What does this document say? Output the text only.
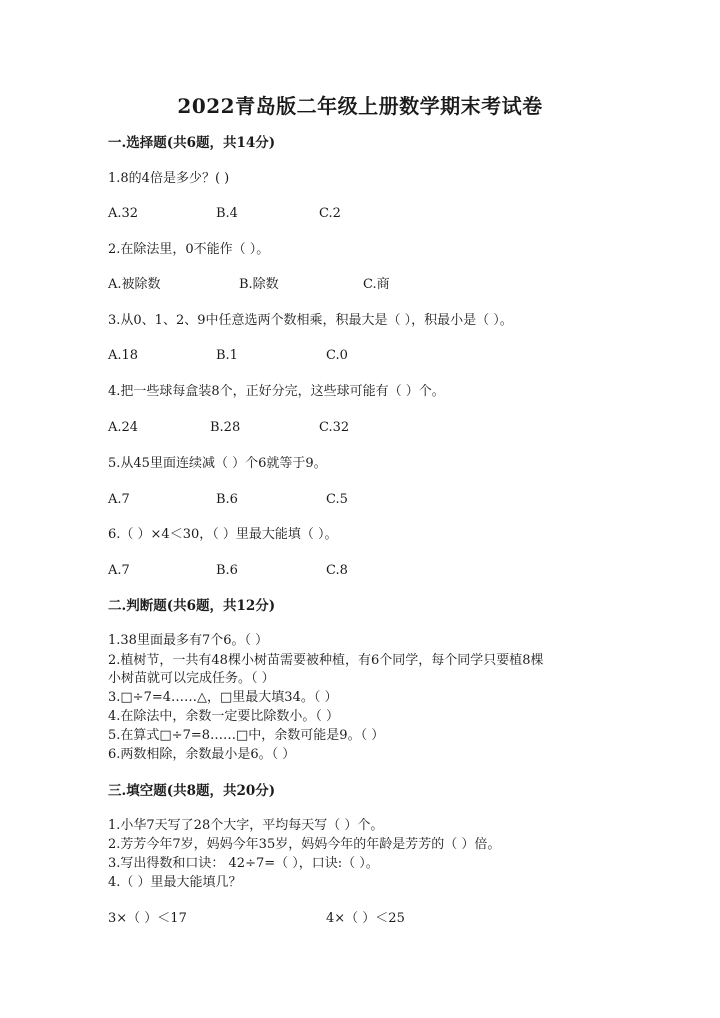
2022青岛版二年级上册数学期末考试卷
一.选择题(共6题，共14分)
1.8的4倍是多少？( )
A.32	B.4	C.2
2.在除法里，0不能作（ ）。
A.被除数	B.除数	C.商
3.从0、1、2、9中任意选两个数相乘，积最大是（ ），积最小是（ ）。
A.18	B.1	C.0
4.把一些球每盒装8个，正好分完，这些球可能有（ ）个。
A.24	B.28	C.32
5.从45里面连续减（ ）个6就等于9。
A.7	B.6	C.5
6.（ ）×4＜30，（ ）里最大能填（ ）。
A.7	B.6	C.8
二.判断题(共6题，共12分)
1.38里面最多有7个6。（ ）
2.植树节，一共有48棵小树苗需要被种植，有6个同学，每个同学只要植8棵
小树苗就可以完成任务。（ ）
3.□÷7=4……△，□里最大填34。（ ）
4.在除法中，余数一定要比除数小。（ ）
5.在算式□÷7=8……□中，余数可能是9。（ ）
6.两数相除，余数最小是6。（ ）
三.填空题(共8题，共20分)
1.小华7天写了28个大字，平均每天写（ ）个。
2.芳芳今年7岁，妈妈今年35岁，妈妈今年的年龄是芳芳的（ ）倍。
3.写出得数和口诀： 42÷7=（ ），口诀:（ ）。
4.（ ）里最大能填几？
3×（ ）＜17	4×（ ）＜25
